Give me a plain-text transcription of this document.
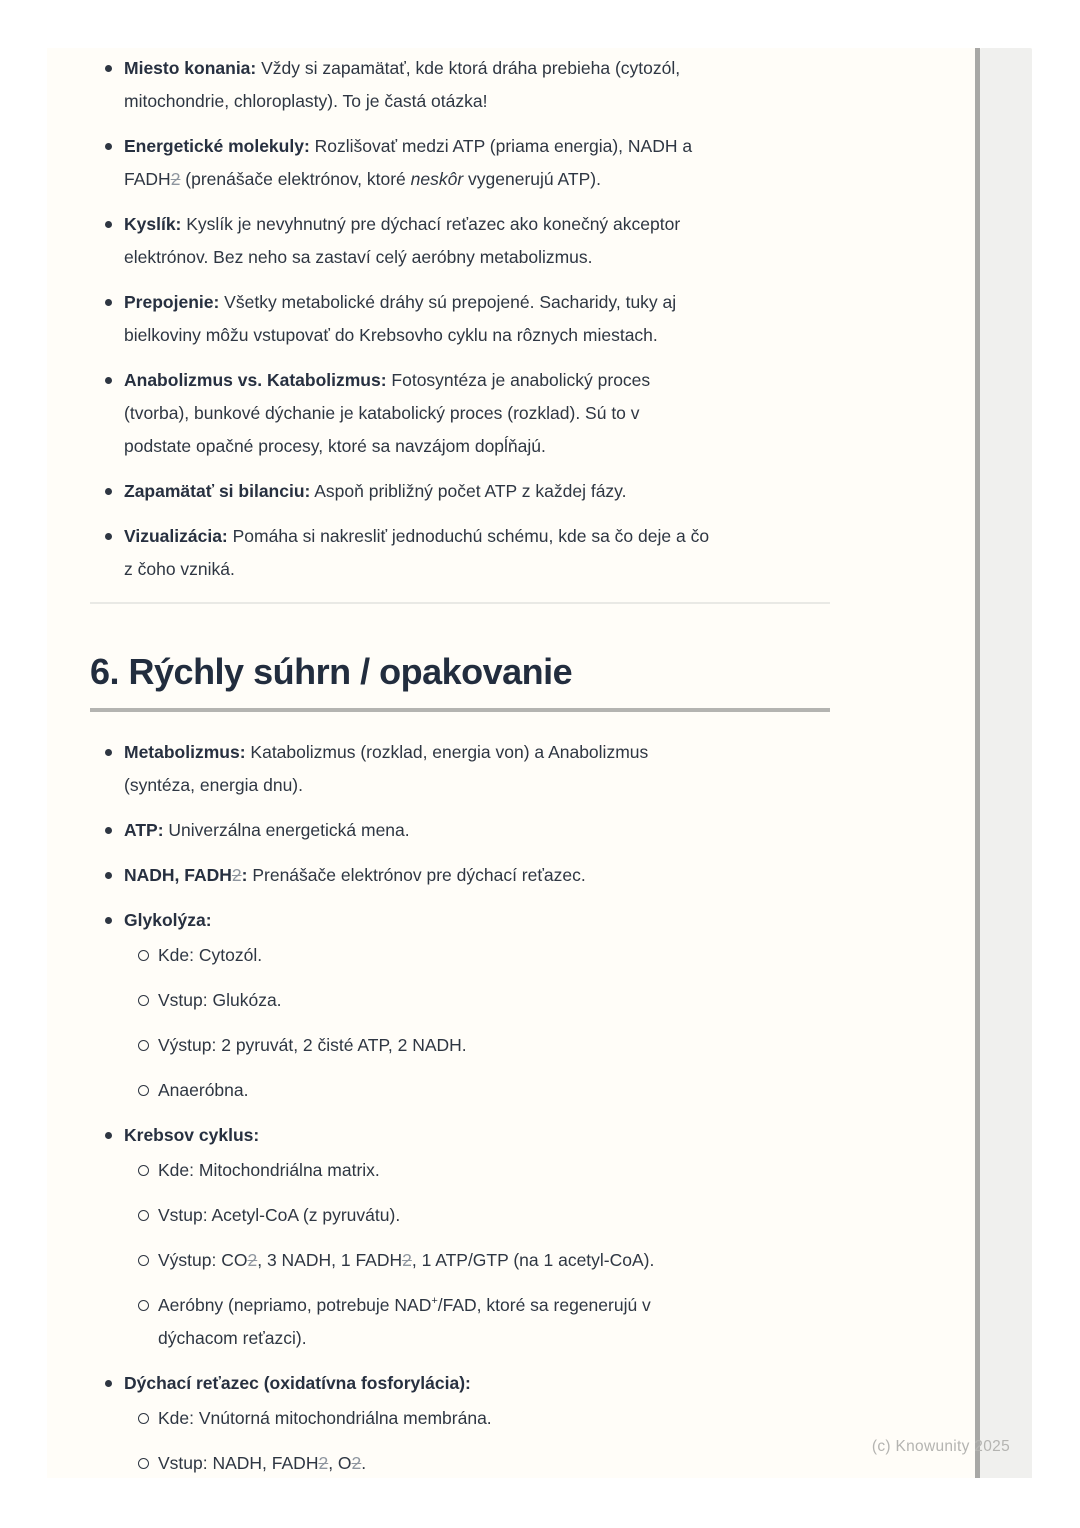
Miesto konania: Vždy si zapamätať, kde ktorá dráha prebieha (cytozól,
mitochondrie, chloroplasty). To je častá otázka!
Energetické molekuly: Rozlišovať medzi ATP (priama energia), NADH a
FADH2 (prenášače elektrónov, ktoré neskôr vygenerujú ATP).
Kyslík: Kyslík je nevyhnutný pre dýchací reťazec ako konečný akceptor
elektrónov. Bez neho sa zastaví celý aeróbny metabolizmus.
Prepojenie: Všetky metabolické dráhy sú prepojené. Sacharidy, tuky aj
bielkoviny môžu vstupovať do Krebsovho cyklu na rôznych miestach.
Anabolizmus vs. Katabolizmus: Fotosyntéza je anabolický proces
(tvorba), bunkové dýchanie je katabolický proces (rozklad). Sú to v
podstate opačné procesy, ktoré sa navzájom dopĺňajú.
Zapamätať si bilanciu: Aspoň približný počet ATP z každej fázy.
Vizualizácia: Pomáha si nakresliť jednoduchú schému, kde sa čo deje a čo
z čoho vzniká.
6. Rýchly súhrn / opakovanie
Metabolizmus: Katabolizmus (rozklad, energia von) a Anabolizmus
(syntéza, energia dnu).
ATP: Univerzálna energetická mena.
NADH, FADH2: Prenášače elektrónov pre dýchací reťazec.
Glykolýza:
Kde: Cytozól.
Vstup: Glukóza.
Výstup: 2 pyruvát, 2 čisté ATP, 2 NADH.
Anaeróbna.
Krebsov cyklus:
Kde: Mitochondriálna matrix.
Vstup: Acetyl-CoA (z pyruvátu).
Výstup: CO2, 3 NADH, 1 FADH2, 1 ATP/GTP (na 1 acetyl-CoA).
Aeróbny (nepriamo, potrebuje NAD+/FAD, ktoré sa regenerujú v
dýchacom reťazci).
Dýchací reťazec (oxidatívna fosforylácia):
Kde: Vnútorná mitochondriálna membrána.
Vstup: NADH, FADH2, O2.
(c) Knowunity 2025
